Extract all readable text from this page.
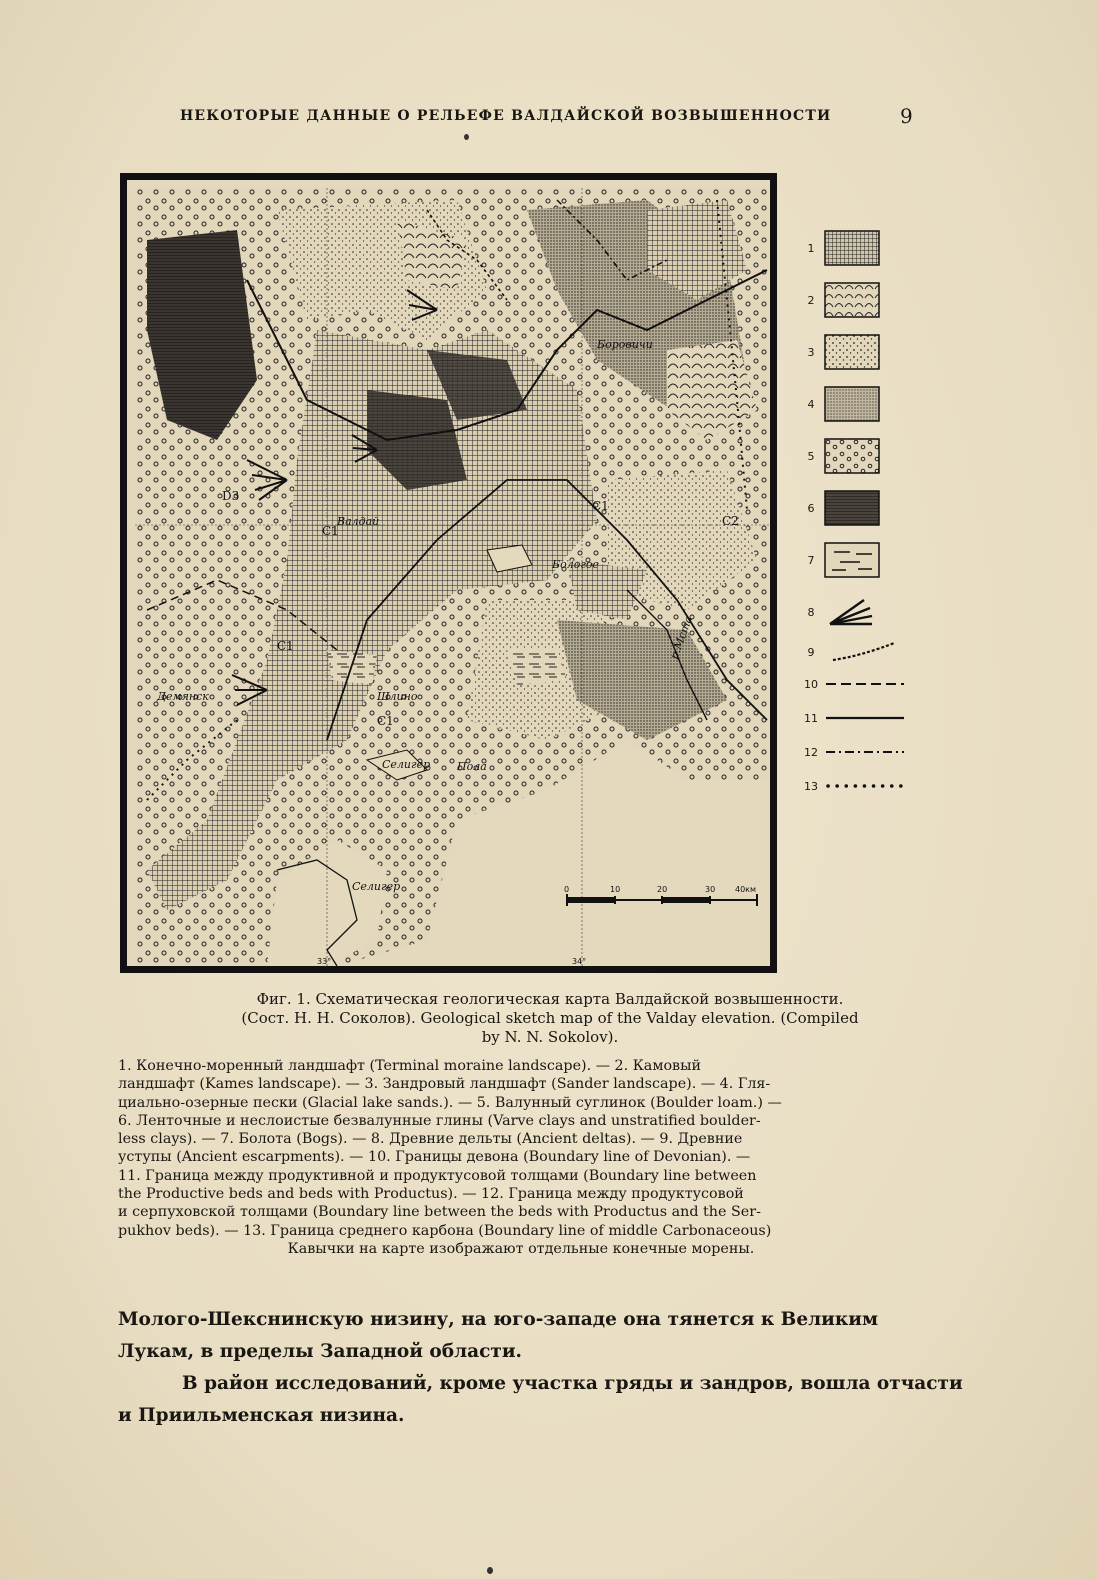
НЕКОТОРЫЕ ДАННЫЕ О РЕЛЬЕФЕ ВАЛДАЙСКОЙ ВОЗВЫШЕННОСТИ	9
Боровичи
Валдай
Бологое
Демянск	Шлино
Селигер
Селигер
Пола
р.Мста
D3
C1
C1
C2
C1
C1
33°	34°
0	10	20	30 40км
1
2
3
4
5
6
7
8
9
10
11
12
13
Фиг. 1. Схематическая геологическая карта Валдайской возвышенности.
(Сост. Н. Н. Соколов). Geological sketch map of the Valday elevation. (Compiled
by N. N. Sokolov).
1. Конечно-моренный ландшафт (Terminal moraine landscape). — 2. Камовый
ландшафт (Kames landscape). — 3. Зандровый ландшафт (Sander landscape). — 4. Гля-
циально-озерные пески (Glacial lake sands.). — 5. Валунный суглинок (Boulder loam.) —
6. Ленточные и неслоистые безвалунные глины (Varve clays and unstratified boulder-
less clays). — 7. Болота (Bogs). — 8. Древние дельты (Ancient deltas). — 9. Древние
уступы (Ancient escarpments). — 10. Границы девона (Boundary line of Devonian). —
11. Граница между продуктивной и продуктусовой толщами (Boundary line between
the Productive beds and beds with Productus). — 12. Граница между продуктусовой
и серпуховской толщами (Boundary line between the beds with Productus and the Ser-
pukhov beds). — 13. Граница среднего карбона (Boundary line of middle Carbonaceous)
Кавычки на карте изображают отдельные конечные морены.
Молого-Шекснинскую низину, на юго-западе она тянется к Великим
Лукам, в пределы Западной области.
В район исследований, кроме участка гряды и зандров, вошла отчасти
и Приильменская низина.
